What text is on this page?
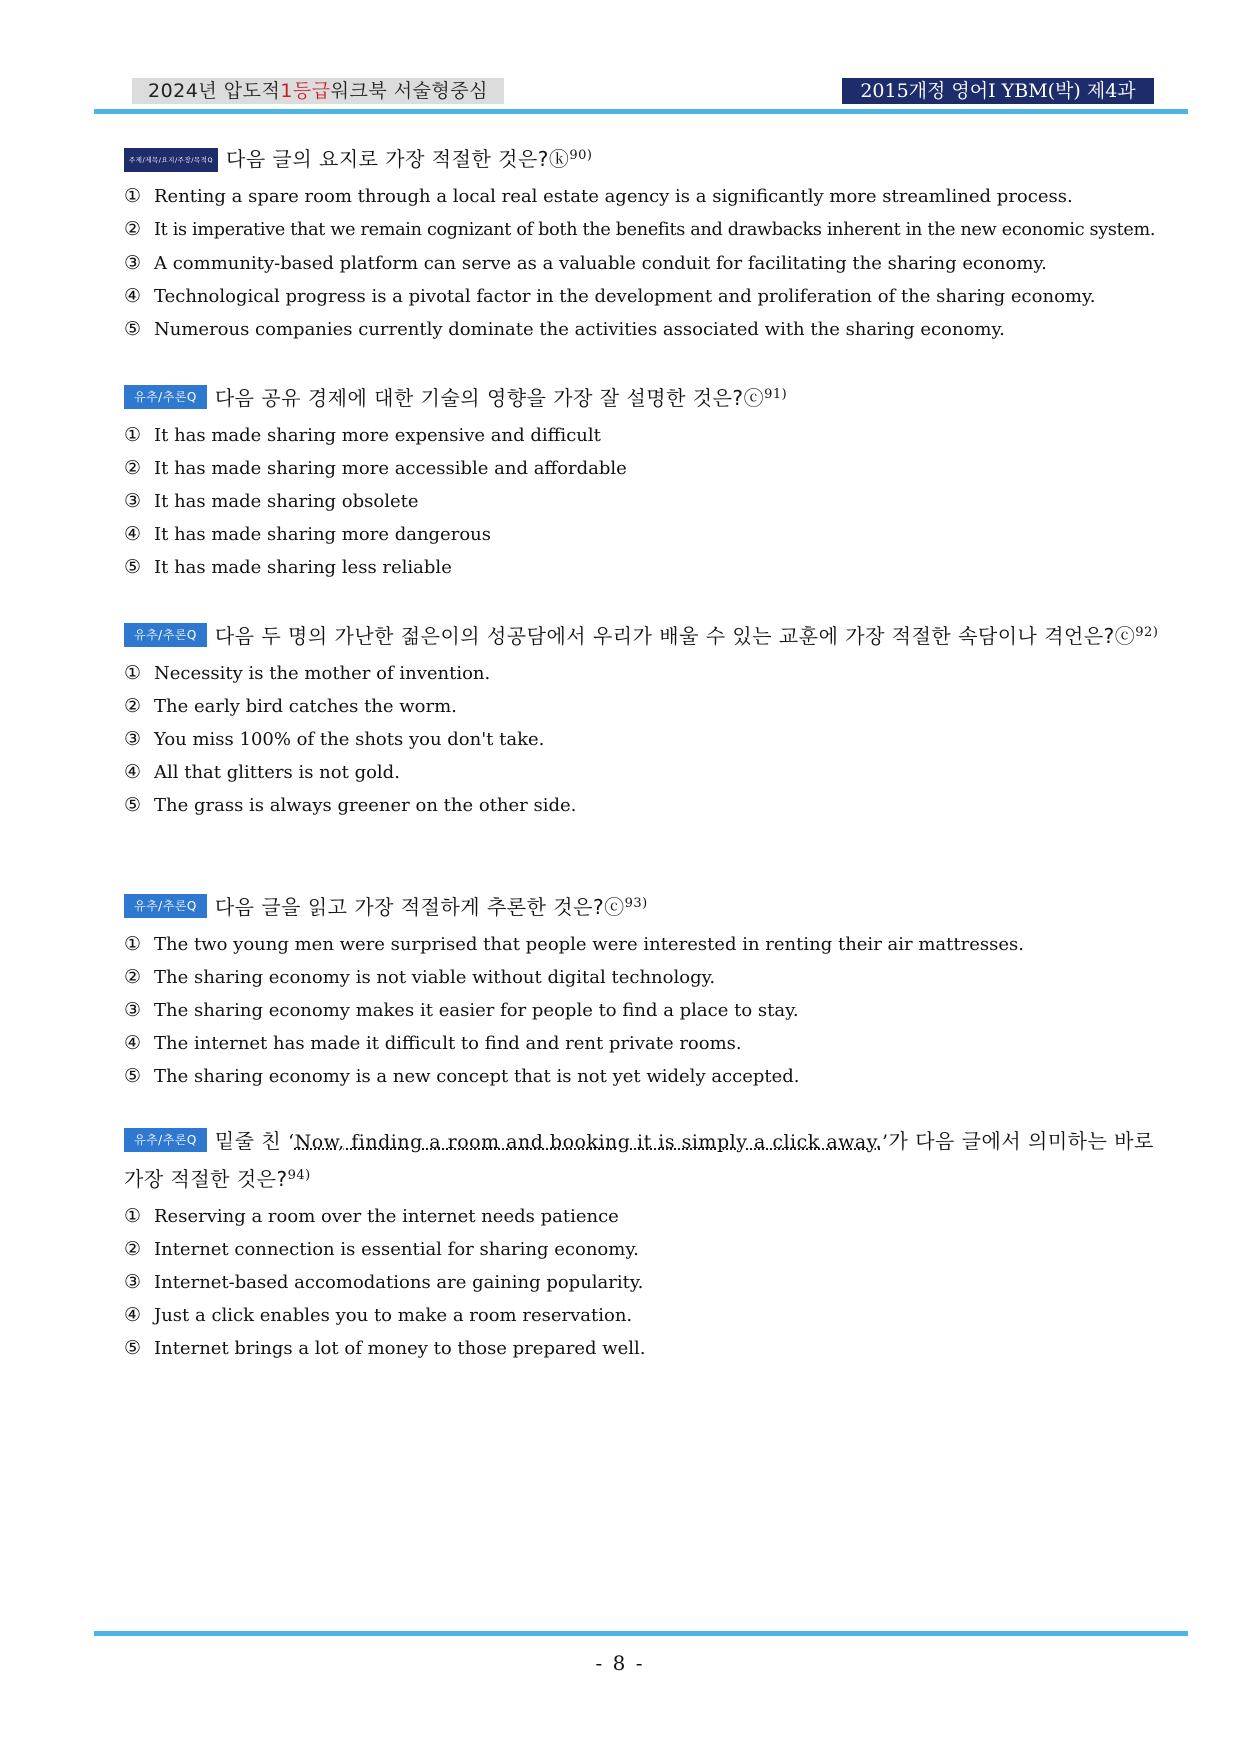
2024년 압도적1등급워크북 서술형중심	2015개정 영어Ⅰ YBM(박) 제4과
주제/제목/요지/주장/목적Q 다음 글의 요지로 가장 적절한 것은?ⓚ$^{90)}$
① Renting a spare room through a local real estate agency is a significantly more streamlined process.
② It is imperative that we remain cognizant of both the benefits and drawbacks inherent in the new economic system.
③ A community-based platform can serve as a valuable conduit for facilitating the sharing economy.
④ Technological progress is a pivotal factor in the development and proliferation of the sharing economy.
⑤ Numerous companies currently dominate the activities associated with the sharing economy.
유추/추론Q 다음 공유 경제에 대한 기술의 영향을 가장 잘 설명한 것은?ⓒ$^{91)}$
① It has made sharing more expensive and difficult
② It has made sharing more accessible and affordable
③ It has made sharing obsolete
④ It has made sharing more dangerous
⑤ It has made sharing less reliable
유추/추론Q 다음 두 명의 가난한 젊은이의 성공담에서 우리가 배울 수 있는 교훈에 가장 적절한 속담이나 격언은?ⓒ$^{92)}$
① Necessity is the mother of invention.
② The early bird catches the worm.
③ You miss 100% of the shots you don't take.
④ All that glitters is not gold.
⑤ The grass is always greener on the other side.
유추/추론Q 다음 글을 읽고 가장 적절하게 추론한 것은?ⓒ$^{93)}$
① The two young men were surprised that people were interested in renting their air mattresses.
② The sharing economy is not viable without digital technology.
③ The sharing economy makes it easier for people to find a place to stay.
④ The internet has made it difficult to find and rent private rooms.
⑤ The sharing economy is a new concept that is not yet widely accepted.
유추/추론Q 밑줄 친 ‘Now, finding a room and booking it is simply a click away.’가 다음 글에서 의미하는 바로 가장 적절한 것은?$^{94)}$
① Reserving a room over the internet needs patience
② Internet connection is essential for sharing economy.
③ Internet-based accomodations are gaining popularity.
④ Just a click enables you to make a room reservation.
⑤ Internet brings a lot of money to those prepared well.
- 8 -
